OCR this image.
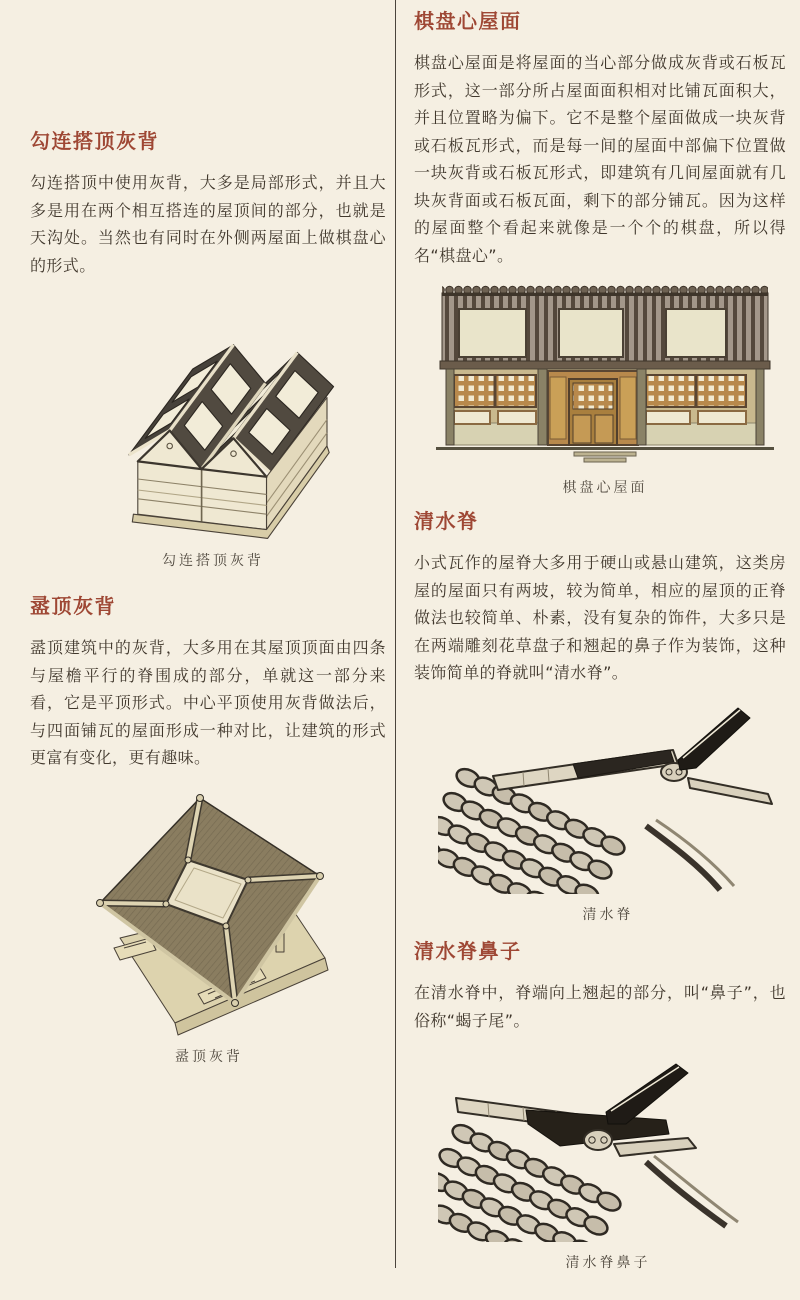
勾连搭顶灰背

勾连搭顶中使用灰背，大多是局部形式，并且大多是用在两个相互搭连的屋顶间的部分，也就是天沟处。当然也有同时在外侧两屋面上做棋盘心的形式。

勾连搭顶灰背
盝顶灰背

盝顶建筑中的灰背，大多用在其屋顶顶面由四条与屋檐平行的脊围成的部分，单就这一部分来看，它是平顶形式。中心平顶使用灰背做法后，与四面铺瓦的屋面形成一种对比，让建筑的形式更富有变化，更有趣味。

盝顶灰背
棋盘心屋面

棋盘心屋面是将屋面的当心部分做成灰背或石板瓦形式，这一部分所占屋面面积相对比铺瓦面积大，并且位置略为偏下。它不是整个屋面做成一块灰背或石板瓦形式，而是每一间的屋面中部偏下位置做一块灰背或石板瓦形式，即建筑有几间屋面就有几块灰背面或石板瓦面，剩下的部分铺瓦。因为这样的屋面整个看起来就像是一个个的棋盘，所以得名“棋盘心”。

棋盘心屋面
清水脊

小式瓦作的屋脊大多用于硬山或悬山建筑，这类房屋的屋面只有两坡，较为简单，相应的屋顶的正脊做法也较简单、朴素，没有复杂的饰件，大多只是在两端雕刻花草盘子和翘起的鼻子作为装饰，这种装饰简单的脊就叫“清水脊”。

清水脊
清水脊鼻子

在清水脊中，脊端向上翘起的部分，叫“鼻子”，也俗称“蝎子尾”。

清水脊鼻子
